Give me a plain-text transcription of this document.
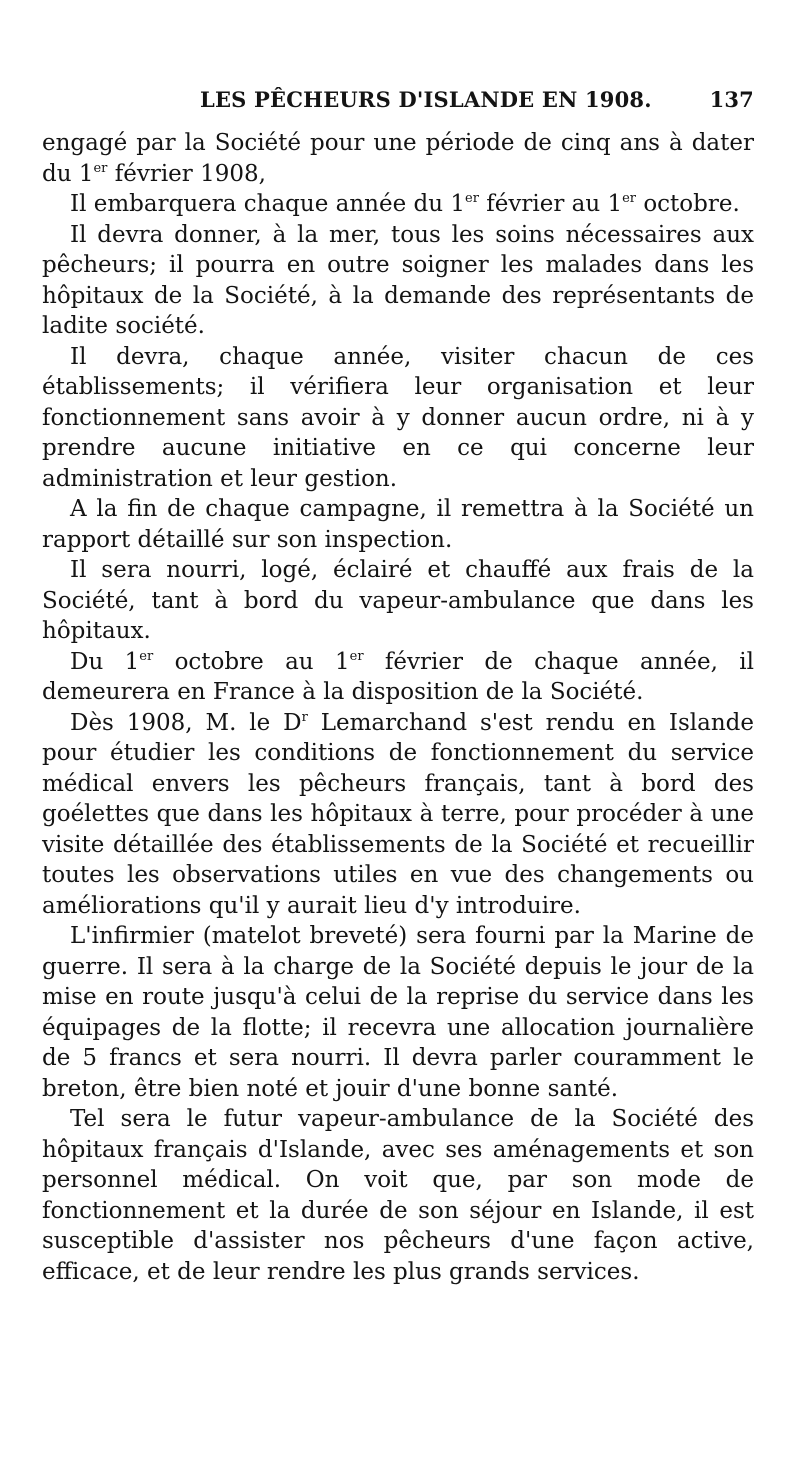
LES PÊCHEURS D'ISLANDE EN 1908.	137

engagé par la Société pour une période de cinq ans à dater du 1er février 1908,

Il embarquera chaque année du 1er février au 1er octobre.

Il devra donner, à la mer, tous les soins nécessaires aux pêcheurs; il pourra en outre soigner les malades dans les hôpitaux de la Société, à la demande des représentants de ladite société.

Il devra, chaque année, visiter chacun de ces établissements; il vérifiera leur organisation et leur fonctionnement sans avoir à y donner aucun ordre, ni à y prendre aucune initiative en ce qui concerne leur administration et leur gestion.

A la fin de chaque campagne, il remettra à la Société un rapport détaillé sur son inspection.

Il sera nourri, logé, éclairé et chauffé aux frais de la Société, tant à bord du vapeur-ambulance que dans les hôpitaux.

Du 1er octobre au 1er février de chaque année, il demeurera en France à la disposition de la Société.

Dès 1908, M. le $D^r$ Lemarchand s'est rendu en Islande pour étudier les conditions de fonctionnement du service médical envers les pêcheurs français, tant à bord des goélettes que dans les hôpitaux à terre, pour procéder à une visite détaillée des établissements de la Société et recueillir toutes les observations utiles en vue des changements ou améliorations qu'il y aurait lieu d'y introduire.

L'infirmier (matelot breveté) sera fourni par la Marine de guerre. Il sera à la charge de la Société depuis le jour de la mise en route jusqu'à celui de la reprise du service dans les équipages de la flotte; il recevra une allocation journalière de 5 francs et sera nourri. Il devra parler couramment le breton, être bien noté et jouir d'une bonne santé.

Tel sera le futur vapeur-ambulance de la Société des hôpitaux français d'Islande, avec ses aménagements et son personnel médical. On voit que, par son mode de fonctionnement et la durée de son séjour en Islande, il est susceptible d'assister nos pêcheurs d'une façon active, efficace, et de leur rendre les plus grands services.
